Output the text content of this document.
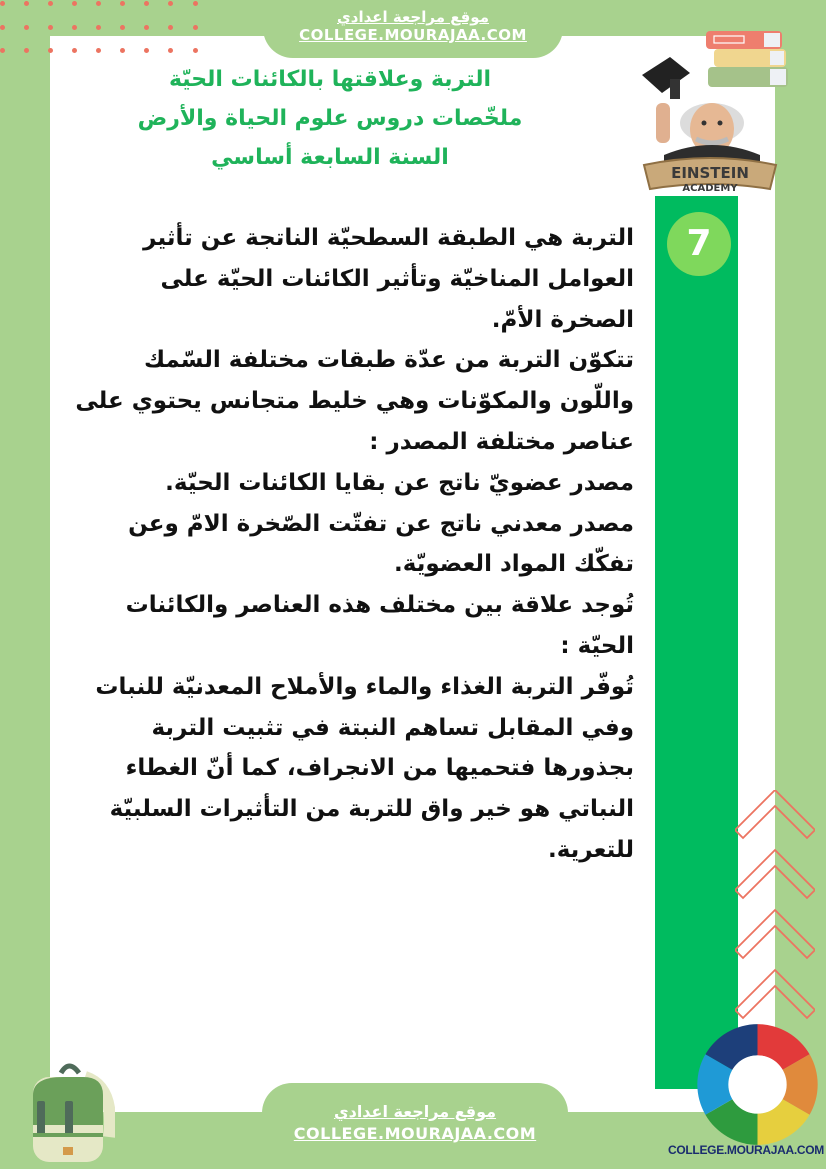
موقع مراجعة اعدادي
COLLEGE.MOURAJAA.COM
التربة وعلاقتها بالكائنات الحيّة
ملخّصات دروس علوم الحياة والأرض
السنة السابعة أساسي
EINSTEIN
ACADEMY
7

التربة هي الطبقة السطحيّة الناتجة عن تأثير العوامل المناخيّة وتأثير الكائنات الحيّة على الصخرة الأمّ.

تتكوّن التربة من عدّة طبقات مختلفة السّمك واللّون والمكوّنات وهي خليط متجانس يحتوي على عناصر مختلفة المصدر :

مصدر عضويّ ناتج عن بقايا الكائنات الحيّة.

مصدر معدني ناتج عن تفتّت الصّخرة الامّ وعن تفكّك المواد العضويّة.

تُوجد علاقة بين مختلف هذه العناصر والكائنات الحيّة :

تُوفّر التربة الغذاء والماء والأملاح المعدنيّة للنبات وفي المقابل تساهم النبتة في تثبيت التربة بجذورها فتحميها من الانجراف، كما أنّ الغطاء النباتي هو خير واق للتربة من التأثيرات السلبيّة للتعرية.

COLLEGE.MOURAJAA.COM
موقع مراجعة اعدادي
COLLEGE.MOURAJAA.COM
